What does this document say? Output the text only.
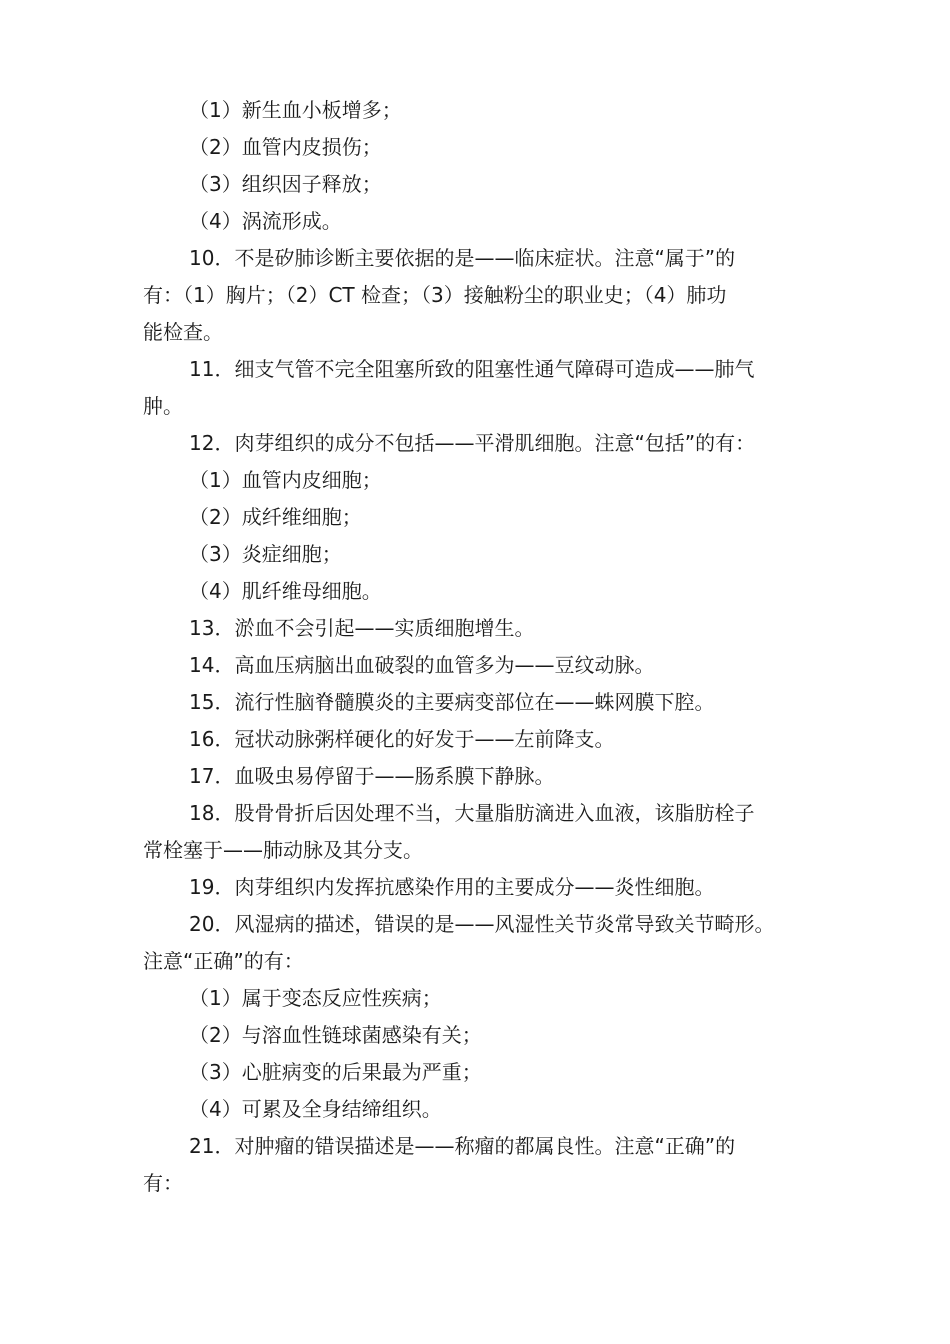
（1）新生血小板增多；
（2）血管内皮损伤；
（3）组织因子释放；
（4）涡流形成。
10．不是矽肺诊断主要依据的是——临床症状。注意“属于”的
有：（1）胸片；（2）CT 检查；（3）接触粉尘的职业史；（4）肺功
能检查。
11．细支气管不完全阻塞所致的阻塞性通气障碍可造成——肺气
肿。
12．肉芽组织的成分不包括——平滑肌细胞。注意“包括”的有：
（1）血管内皮细胞；
（2）成纤维细胞；
（3）炎症细胞；
（4）肌纤维母细胞。
13．淤血不会引起——实质细胞增生。
14．高血压病脑出血破裂的血管多为——豆纹动脉。
15．流行性脑脊髓膜炎的主要病变部位在——蛛网膜下腔。
16．冠状动脉粥样硬化的好发于——左前降支。
17．血吸虫易停留于——肠系膜下静脉。
18．股骨骨折后因处理不当，大量脂肪滴进入血液，该脂肪栓子
常栓塞于——肺动脉及其分支。
19．肉芽组织内发挥抗感染作用的主要成分——炎性细胞。
20．风湿病的描述，错误的是——风湿性关节炎常导致关节畸形。
注意“正确”的有：
（1）属于变态反应性疾病；
（2）与溶血性链球菌感染有关；
（3）心脏病变的后果最为严重；
（4）可累及全身结缔组织。
21．对肿瘤的错误描述是——称瘤的都属良性。注意“正确”的
有：
